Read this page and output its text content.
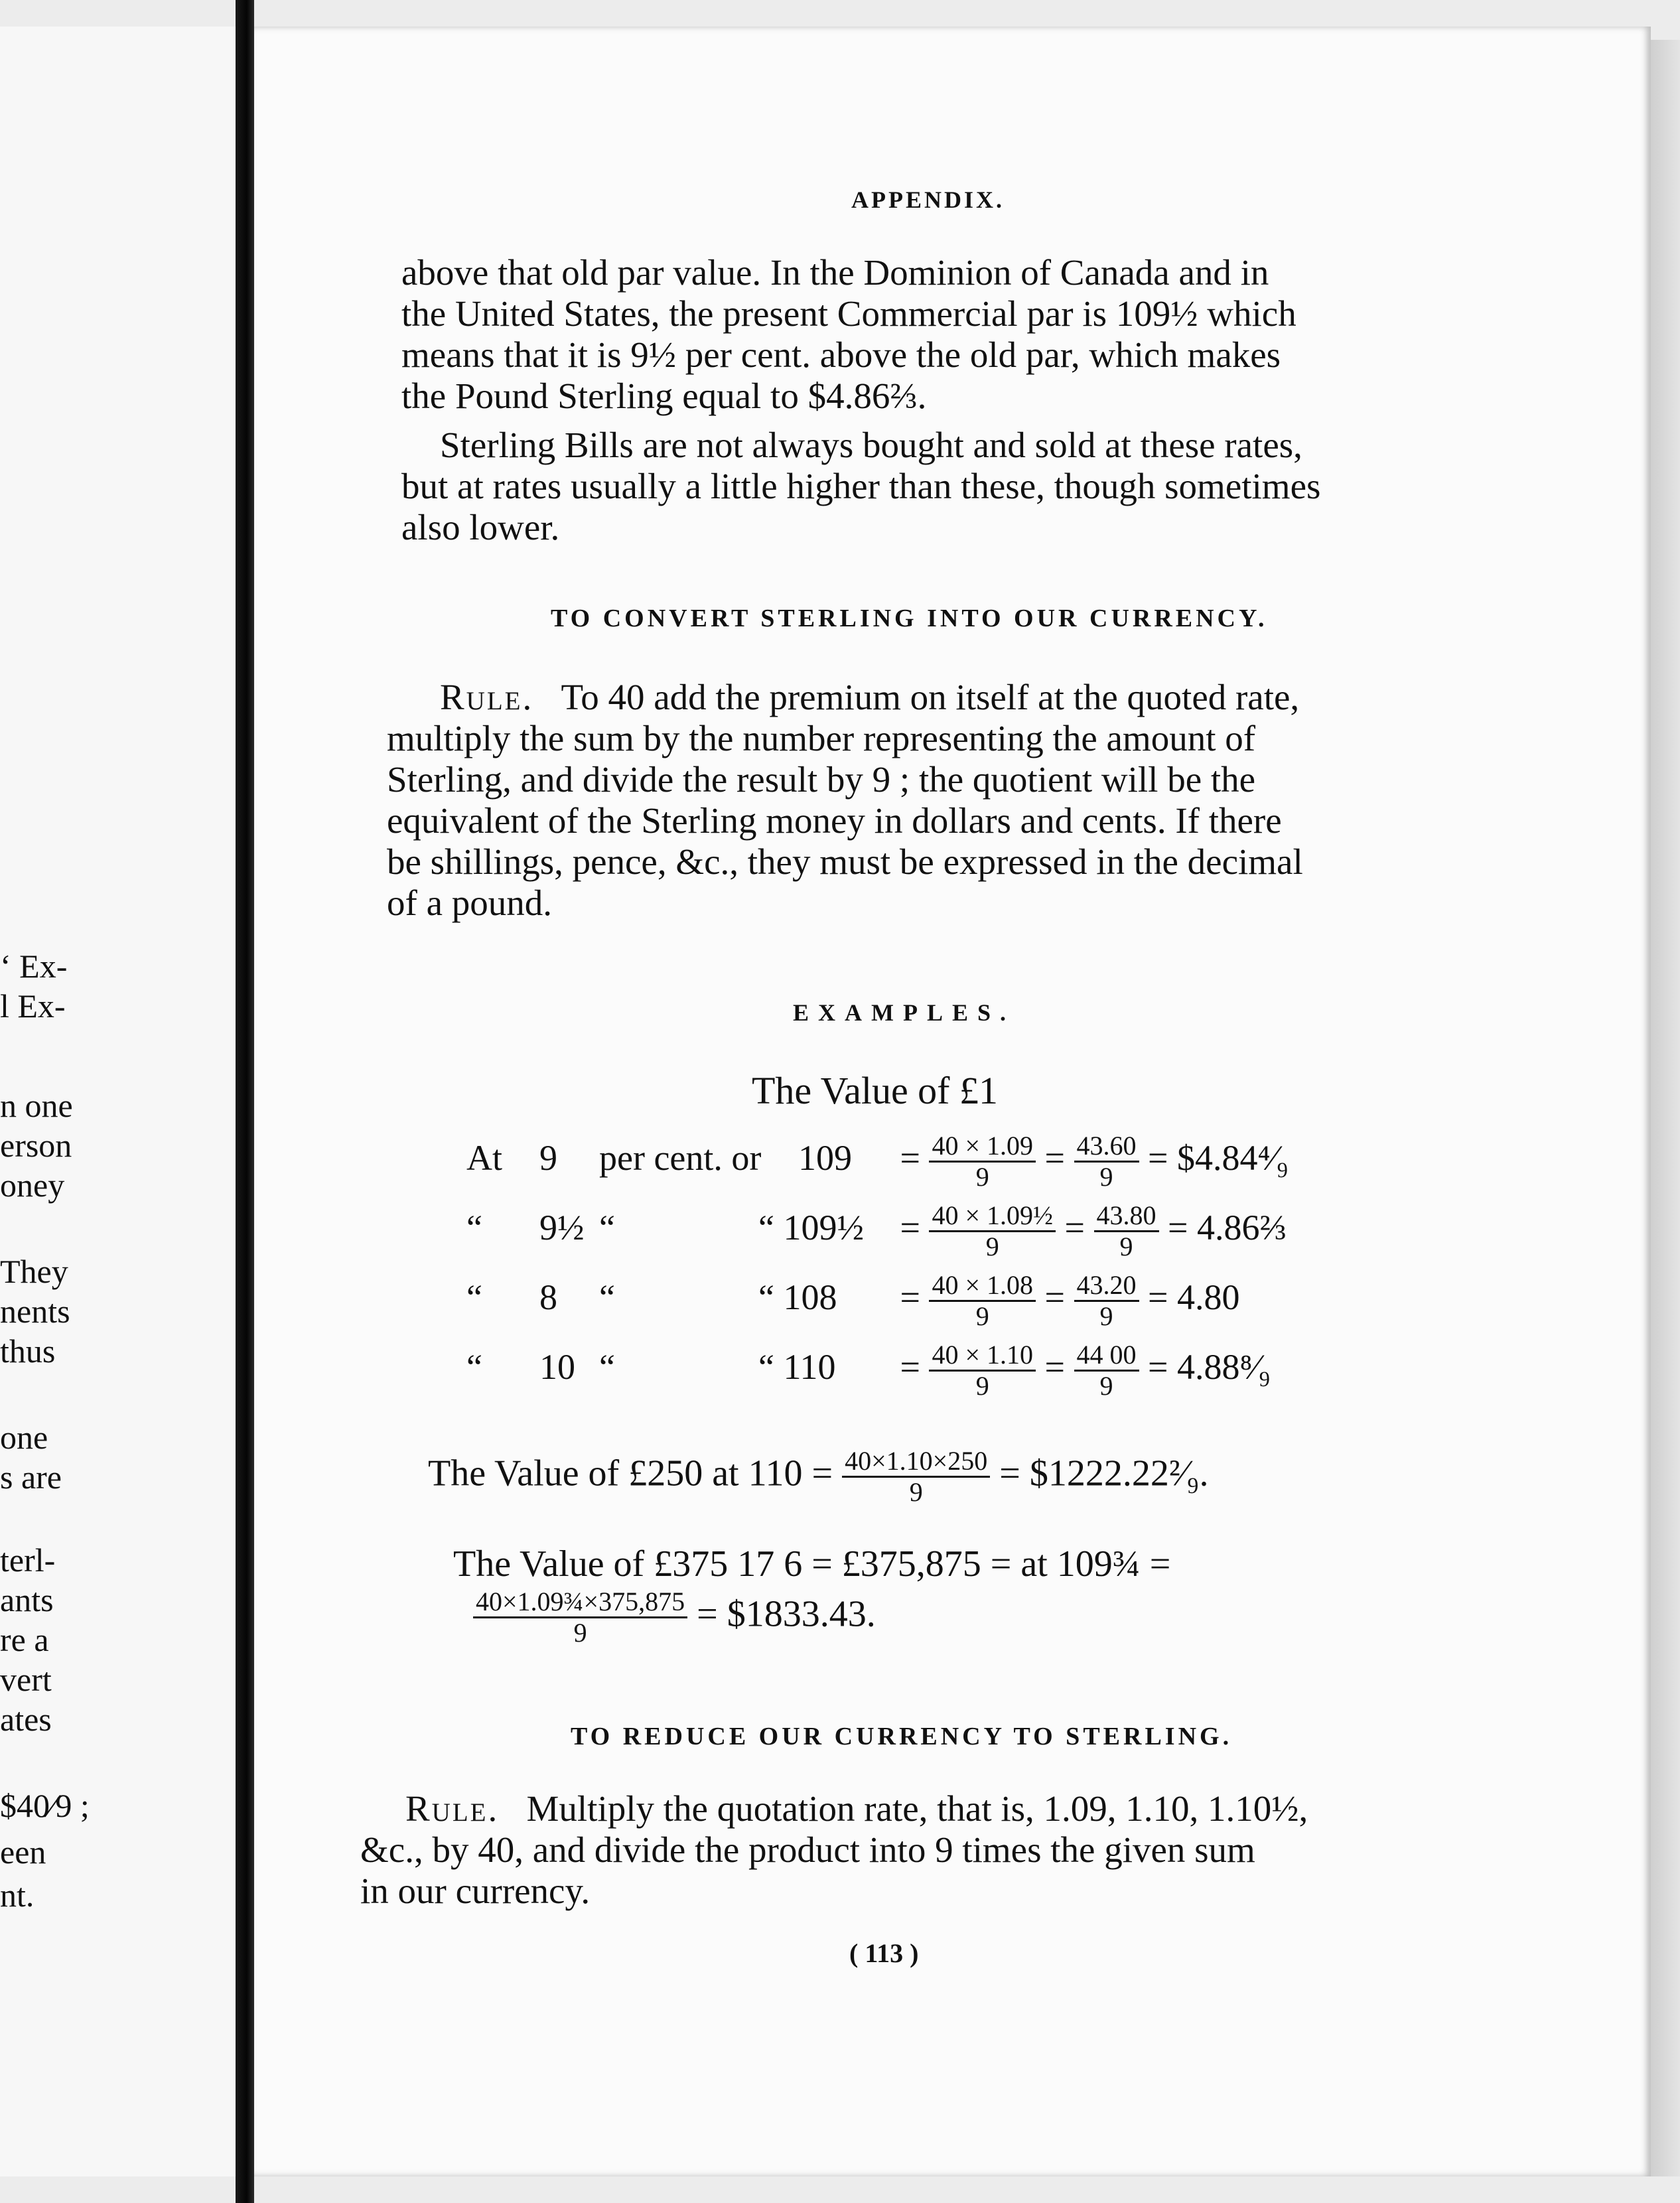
‘ Ex-
l Ex-
n one
erson
oney
They
nents
thus
one
s are
terl-
ants
re a
vert
ates
$40⁄9 ;
een
nt.
APPENDIX.
above that old par value. In the Dominion of Canada and in
the United States, the present Commercial par is 109½ which
means that it is 9½ per cent. above the old par, which makes
the Pound Sterling equal to $4.86⅔.
Sterling Bills are not always bought and sold at these rates,
but at rates usually a little higher than these, though sometimes
also lower.
TO CONVERT STERLING INTO OUR CURRENCY.
Rule. To 40 add the premium on itself at the quoted rate,
multiply the sum by the number representing the amount of
Sterling, and divide the result by 9 ; the quotient will be the
equivalent of the Sterling money in dollars and cents. If there
be shillings, pence, &c., they must be expressed in the decimal
of a pound.
EXAMPLES.
The Value of £1
At 9 per cent. or $109 = \frac{40 \times 1.09}{9} = \frac{43.60}{9}$ = $4.84⁴⁄₉
“ 9½ “	“ 109½ = $\frac{\text{40 × 1.09½}}{9} = \frac{43.80}{9}$ = 4.86⅔
“ 8 “	“ $108 = \frac{40 \times 1.08}{9} = \frac{43.20}{9} = 4.80$
“ 10 “	“ $110 = \frac{40 \times 1.10}{9} = \frac{44 00}{9}$ = 4.88⁸⁄₉
The Value of £250 at $110 = \frac{40\times 1.10\times 250}{9}$ = $1222.22²⁄₉.
The Value of £375 17 6 = £375,875 = at 109¾ =
$\frac{\text{40×1.09¾×375,875}}{9}$ = $1833.43.
TO REDUCE OUR CURRENCY TO STERLING.
Rule. Multiply the quotation rate, that is, 1.09, 1.10, 1.10½,
&c., by 40, and divide the product into 9 times the given sum
in our currency.
( 113 )
